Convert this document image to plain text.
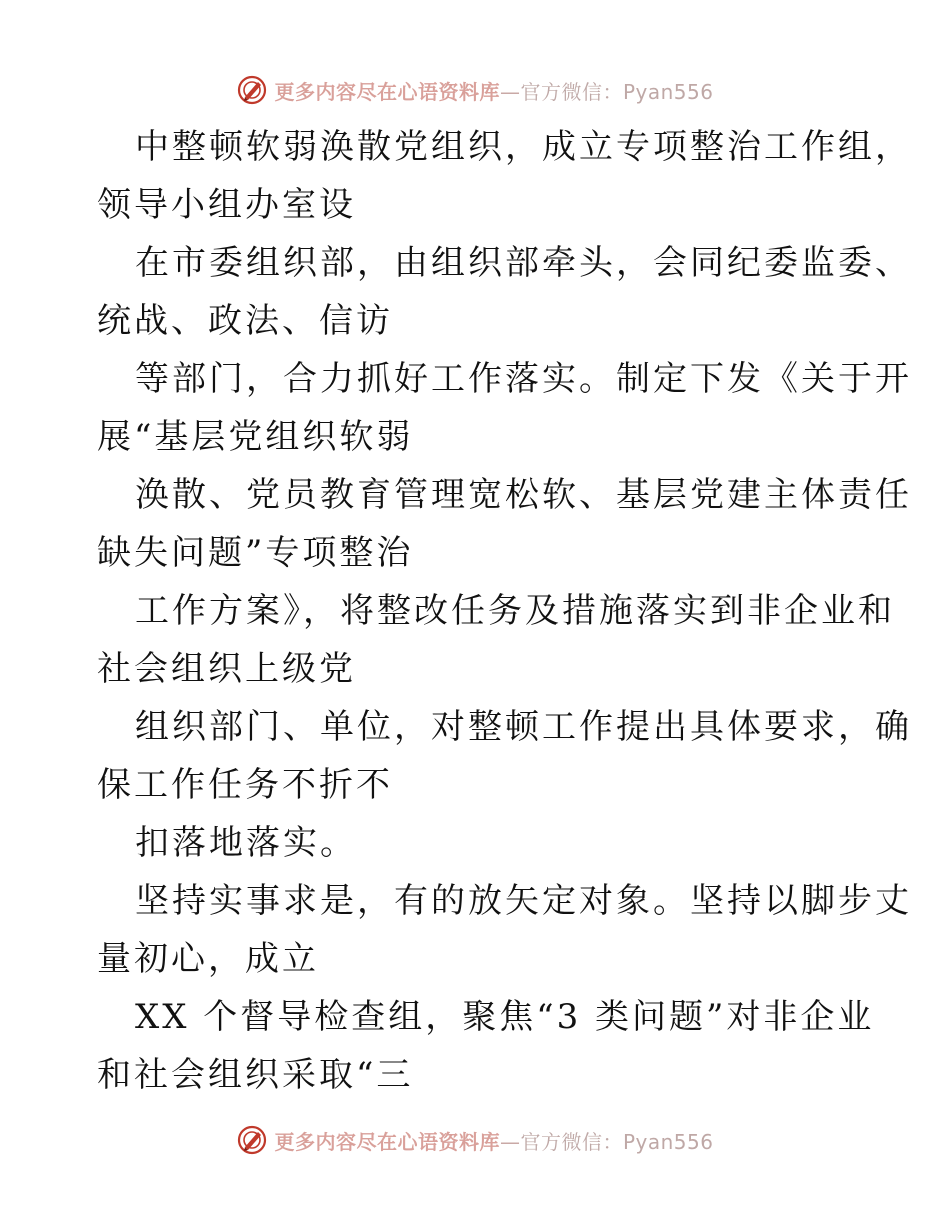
更多内容尽在心语资料库—官方微信：Pyan556
中整顿软弱涣散党组织，成立专项整治工作组，
领导小组办室设
在市委组织部，由组织部牵头，会同纪委监委、
统战、政法、信访
等部门，合力抓好工作落实。制定下发《关于开
展“基层党组织软弱
涣散、党员教育管理宽松软、基层党建主体责任
缺失问题”专项整治
工作方案》，将整改任务及措施落实到非企业和
社会组织上级党
组织部门、单位，对整顿工作提出具体要求，确
保工作任务不折不
扣落地落实。
坚持实事求是，有的放矢定对象。坚持以脚步丈
量初心，成立
XX 个督导检查组，聚焦“3 类问题”对非企业
和社会组织采取“三
更多内容尽在心语资料库—官方微信：Pyan556
